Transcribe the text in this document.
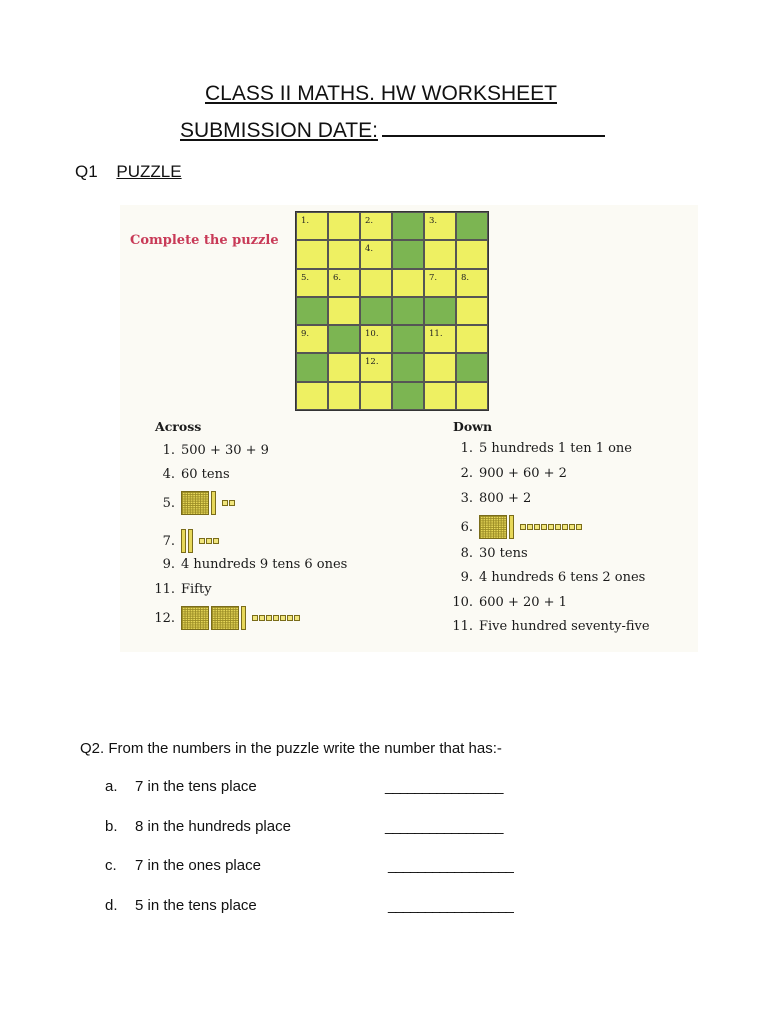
CLASS II MATHS. HW WORKSHEET
SUBMISSION DATE:
Q1 PUZZLE
Complete the puzzle
1.	2.	3.
4.
5.	6.	7.	8.
9.	10.	11.
12.
Across
1. 500 + 30 + 9
4. 60 tens
5.
7.
9. 4 hundreds 9 tens 6 ones
11. Fifty
12.
Down
1. 5 hundreds 1 ten 1 one
2. 900 + 60 + 2
3. 800 + 2
6.
8. 30 tens
9. 4 hundreds 6 tens 2 ones
10. 600 + 20 + 1
11. Five hundred seventy-five
Q2. From the numbers in the puzzle write the number that has:-
a. 7 in the tens place	________________
b. 8 in the hundreds place	________________
c. 7 in the ones place	_________________
d. 5 in the tens place	_________________
